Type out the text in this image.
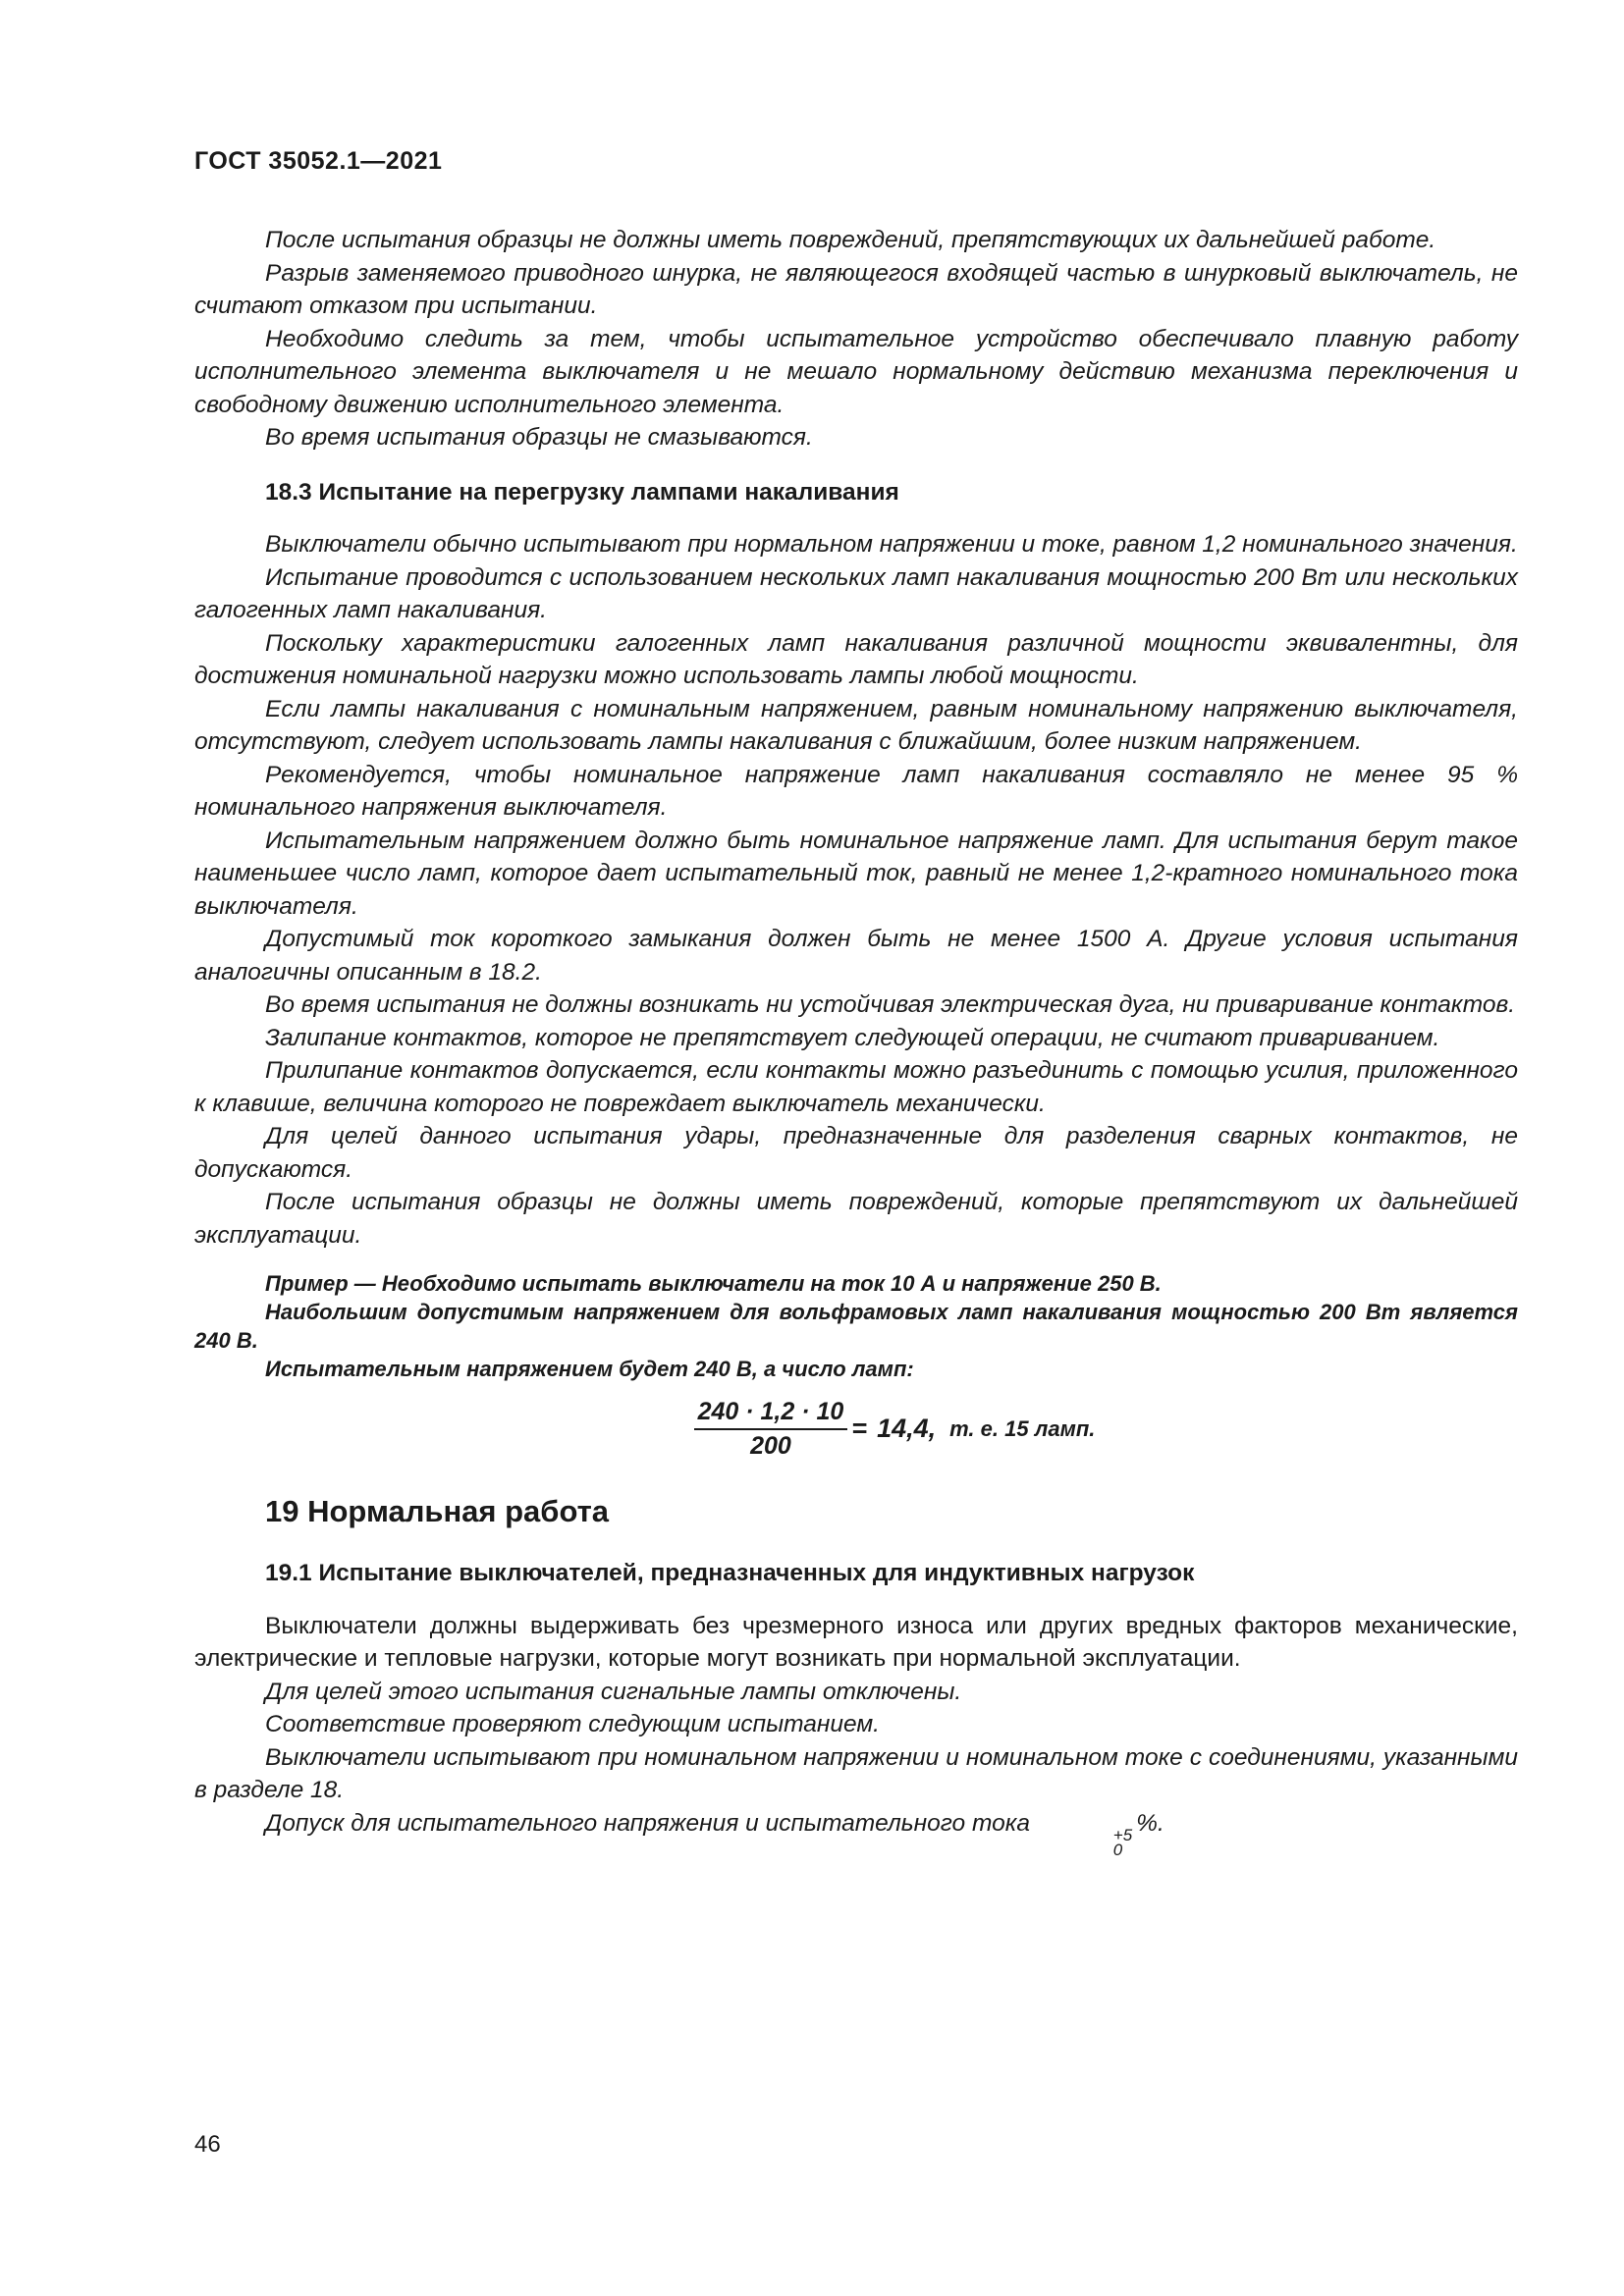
ГОСТ 35052.1—2021

После испытания образцы не должны иметь повреждений, препятствующих их дальнейшей работе.

Разрыв заменяемого приводного шнурка, не являющегося входящей частью в шнурковый выключатель, не считают отказом при испытании.

Необходимо следить за тем, чтобы испытательное устройство обеспечивало плавную работу исполнительного элемента выключателя и не мешало нормальному действию механизма переключения и свободному движению исполнительного элемента.

Во время испытания образцы не смазываются.

18.3 Испытание на перегрузку лампами накаливания

Выключатели обычно испытывают при нормальном напряжении и токе, равном 1,2 номинального значения.

Испытание проводится с использованием нескольких ламп накаливания мощностью 200 Вт или нескольких галогенных ламп накаливания.

Поскольку характеристики галогенных ламп накаливания различной мощности эквивалентны, для достижения номинальной нагрузки можно использовать лампы любой мощности.

Если лампы накаливания с номинальным напряжением, равным номинальному напряжению выключателя, отсутствуют, следует использовать лампы накаливания с ближайшим, более низким напряжением.

Рекомендуется, чтобы номинальное напряжение ламп накаливания составляло не менее 95 % номинального напряжения выключателя.

Испытательным напряжением должно быть номинальное напряжение ламп. Для испытания берут такое наименьшее число ламп, которое дает испытательный ток, равный не менее 1,2-кратного номинального тока выключателя.

Допустимый ток короткого замыкания должен быть не менее 1500 А. Другие условия испытания аналогичны описанным в 18.2.

Во время испытания не должны возникать ни устойчивая электрическая дуга, ни приваривание контактов.

Залипание контактов, которое не препятствует следующей операции, не считают привариванием.

Прилипание контактов допускается, если контакты можно разъединить с помощью усилия, приложенного к клавише, величина которого не повреждает выключатель механически.

Для целей данного испытания удары, предназначенные для разделения сварных контактов, не допускаются.

После испытания образцы не должны иметь повреждений, которые препятствуют их дальнейшей эксплуатации.

Пример — Необходимо испытать выключатели на ток 10 А и напряжение 250 В.

Наибольшим допустимым напряжением для вольфрамовых ламп накаливания мощностью 200 Вт является 240 В.

Испытательным напряжением будет 240 В, а число ламп:

$\frac{240 \cdot 1,2 \cdot 10}{200} = 14,4$, т. е. 15 ламп.
19 Нормальная работа
19.1 Испытание выключателей, предназначенных для индуктивных нагрузок

Выключатели должны выдерживать без чрезмерного износа или других вредных факторов механические, электрические и тепловые нагрузки, которые могут возникать при нормальной эксплуатации.

Для целей этого испытания сигнальные лампы отключены.

Соответствие проверяют следующим испытанием.

Выключатели испытывают при номинальном напряжении и номинальном токе с соединениями, указанными в разделе 18.

Допуск для испытательного напряжения и испытательного тока	+5
0
%.

46
